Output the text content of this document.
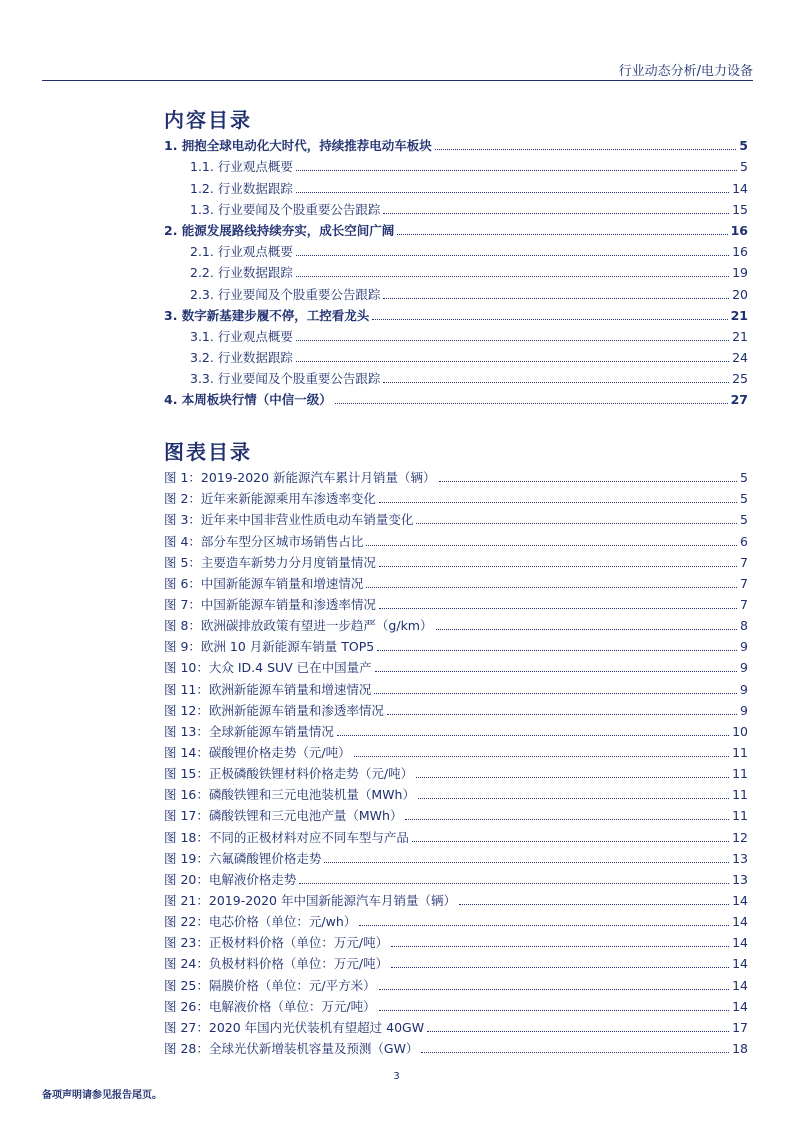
行业动态分析/电力设备
内容目录
1. 拥抱全球电动化大时代，持续推荐电动车板块	5
1.1. 行业观点概要	5
1.2. 行业数据跟踪	14
1.3. 行业要闻及个股重要公告跟踪	15
2. 能源发展路线持续夯实，成长空间广阔	16
2.1. 行业观点概要	16
2.2. 行业数据跟踪	19
2.3. 行业要闻及个股重要公告跟踪	20
3. 数字新基建步履不停，工控看龙头	21
3.1. 行业观点概要	21
3.2. 行业数据跟踪	24
3.3. 行业要闻及个股重要公告跟踪	25
4. 本周板块行情（中信一级）	27
图表目录
图 1：2019-2020 新能源汽车累计月销量（辆）	5
图 2：近年来新能源乘用车渗透率变化	5
图 3：近年来中国非营业性质电动车销量变化	5
图 4：部分车型分区城市场销售占比	6
图 5：主要造车新势力分月度销量情况	7
图 6：中国新能源车销量和增速情况	7
图 7：中国新能源车销量和渗透率情况	7
图 8：欧洲碳排放政策有望进一步趋严（g/km）	8
图 9：欧洲 10 月新能源车销量 TOP5	9
图 10：大众 ID.4 SUV 已在中国量产	9
图 11：欧洲新能源车销量和增速情况	9
图 12：欧洲新能源车销量和渗透率情况	9
图 13：全球新能源车销量情况	10
图 14：碳酸锂价格走势（元/吨）	11
图 15：正极磷酸铁锂材料价格走势（元/吨）	11
图 16：磷酸铁锂和三元电池装机量（MWh）	11
图 17：磷酸铁锂和三元电池产量（MWh）	11
图 18：不同的正极材料对应不同车型与产品	12
图 19：六氟磷酸锂价格走势	13
图 20：电解液价格走势	13
图 21：2019-2020 年中国新能源汽车月销量（辆）	14
图 22：电芯价格（单位：元/wh）	14
图 23：正极材料价格（单位：万元/吨）	14
图 24：负极材料价格（单位：万元/吨）	14
图 25：隔膜价格（单位：元/平方米）	14
图 26：电解液价格（单位：万元/吨）	14
图 27：2020 年国内光伏装机有望超过 40GW	17
图 28：全球光伏新增装机容量及预测（GW）	18
3
备项声明请参见报告尾页。
